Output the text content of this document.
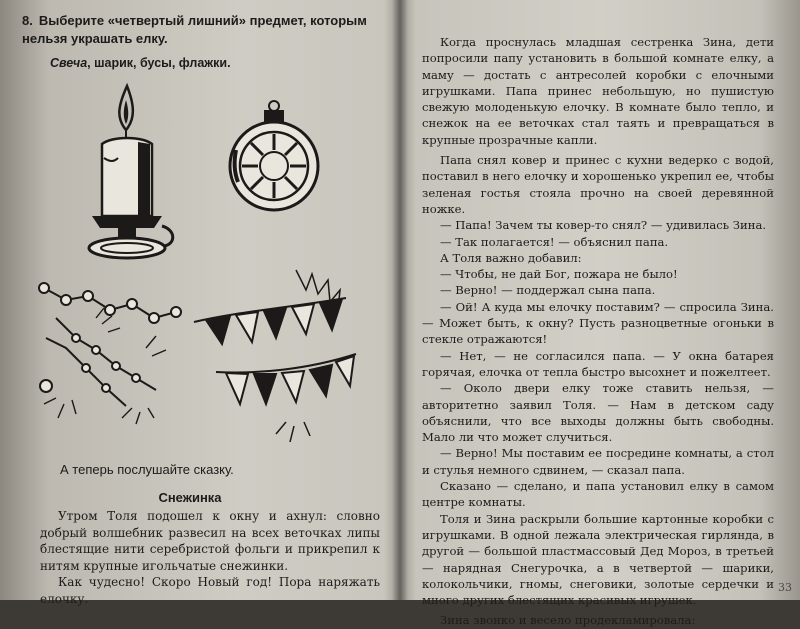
8. Выберите «четвертый лишний» предмет, которым нельзя украшать елку.
Свеча, шарик, бусы, флажки.
А теперь послушайте сказку.
Снежинка

Утром Толя подошел к окну и ахнул: словно добрый волшебник развесил на всех веточках липы блестящие нити серебристой фольги и прикрепил к нитям крупные игольчатые снежинки.

Как чудесно! Скоро Новый год! Пора наряжать елочку.

Когда проснулась младшая сестренка Зина, дети попросили папу установить в большой комнате елку, а маму — достать с антресолей коробки с елочными игрушками. Папа принес небольшую, но пушистую свежую молоденькую елочку. В комнате было тепло, и снежок на ее веточках стал таять и превращаться в крупные прозрачные капли.

Папа снял ковер и принес с кухни ведерко с водой, поставил в него елочку и хорошенько укрепил ее, чтобы зеленая гостья стояла прочно на своей деревянной ножке.

— Папа! Зачем ты ковер-то снял? — удивилась Зина.

— Так полагается! — объяснил папа.

А Толя важно добавил:

— Чтобы, не дай Бог, пожара не было!

— Верно! — поддержал сына папа.

— Ой! А куда мы елочку поставим? — спросила Зина. — Может быть, к окну? Пусть разноцветные огоньки в стекле отражаются!

— Нет, — не согласился папа. — У окна батарея горячая, елочка от тепла быстро высохнет и пожелтеет.

— Около двери елку тоже ставить нельзя, — авторитетно заявил Толя. — Нам в детском саду объяснили, что все выходы должны быть свободны. Мало ли что может случиться.

— Верно! Мы поставим ее посредине комнаты, а стол и стулья немного сдвинем, — сказал папа.

Сказано — сделано, и папа установил елку в самом центре комнаты.

Толя и Зина раскрыли большие картонные коробки с игрушками. В одной лежала электрическая гирлянда, в другой — большой пластмассовый Дед Мороз, в третьей — нарядная Снегурочка, а в четвертой — шарики, колокольчики, гномы, снеговики, золотые сердечки и много других блестящих красивых игрушек.

Зина звонко и весело продекламировала:

33
